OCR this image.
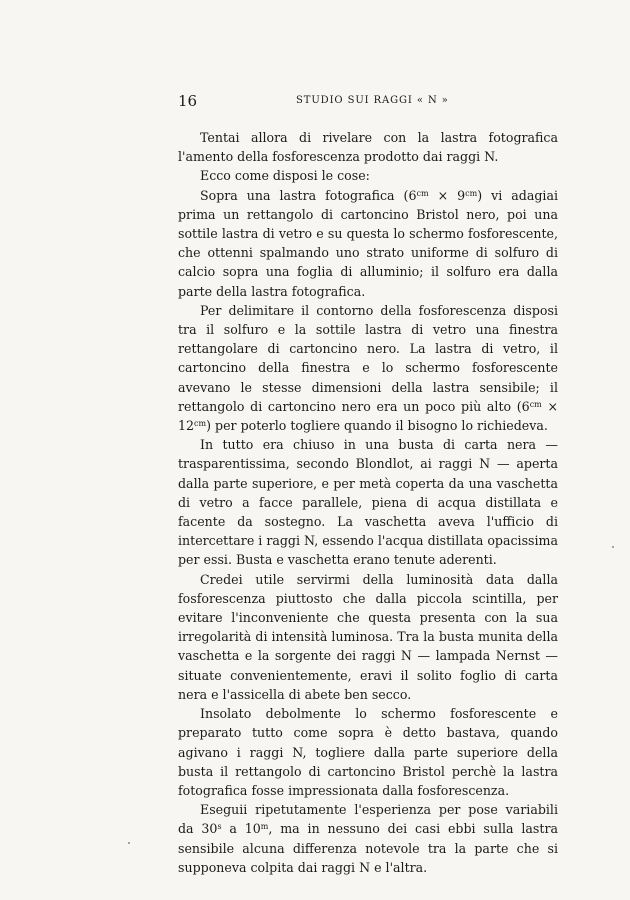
16	STUDIO SUI RAGGI « N »

Tentai allora di rivelare con la lastra fotografica l'amento della fosforescenza prodotto dai raggi N.

Ecco come disposi le cose:

Sopra una lastra fotografica $(6^{cm} \times 9^{cm})$ vi adagiai prima un rettangolo di cartoncino Bristol nero, poi una sottile lastra di vetro e su questa lo schermo fosforescente, che ottenni spalmando uno strato uniforme di solfuro di calcio sopra una foglia di alluminio; il solfuro era dalla parte della lastra fotografica.

Per delimitare il contorno della fosforescenza disposi tra il solfuro e la sottile lastra di vetro una finestra rettangolare di cartoncino nero. La lastra di vetro, il cartoncino della finestra e lo schermo fosforescente avevano le stesse dimensioni della lastra sensibile; il rettangolo di cartoncino nero era un poco più alto $(6^{cm} \times 12^{cm})$ per poterlo togliere quando il bisogno lo richiedeva.

In tutto era chiuso in una busta di carta nera — trasparentissima, secondo Blondlot, ai raggi N — aperta dalla parte superiore, e per metà coperta da una vaschetta di vetro a facce parallele, piena di acqua distillata e facente da sostegno. La vaschetta aveva l'ufficio di intercettare i raggi N, essendo l'acqua distillata opacissima per essi. Busta e vaschetta erano tenute aderenti.

Credei utile servirmi della luminosità data dalla fosforescenza piuttosto che dalla piccola scintilla, per evitare l'inconveniente che questa presenta con la sua irregolarità di intensità luminosa. Tra la busta munita della vaschetta e la sorgente dei raggi N — lampada Nernst — situate convenientemente, eravi il solito foglio di carta nera e l'assicella di abete ben secco.

Insolato debolmente lo schermo fosforescente e preparato tutto come sopra è detto bastava, quando agivano i raggi N, togliere dalla parte superiore della busta il rettangolo di cartoncino Bristol perchè la lastra fotografica fosse impressionata dalla fosforescenza.

Eseguii ripetutamente l'esperienza per pose variabili da 30$^s$ a 10$^m$, ma in nessuno dei casi ebbi sulla lastra sensibile alcuna differenza notevole tra la parte che si supponeva colpita dai raggi N e l'altra.
